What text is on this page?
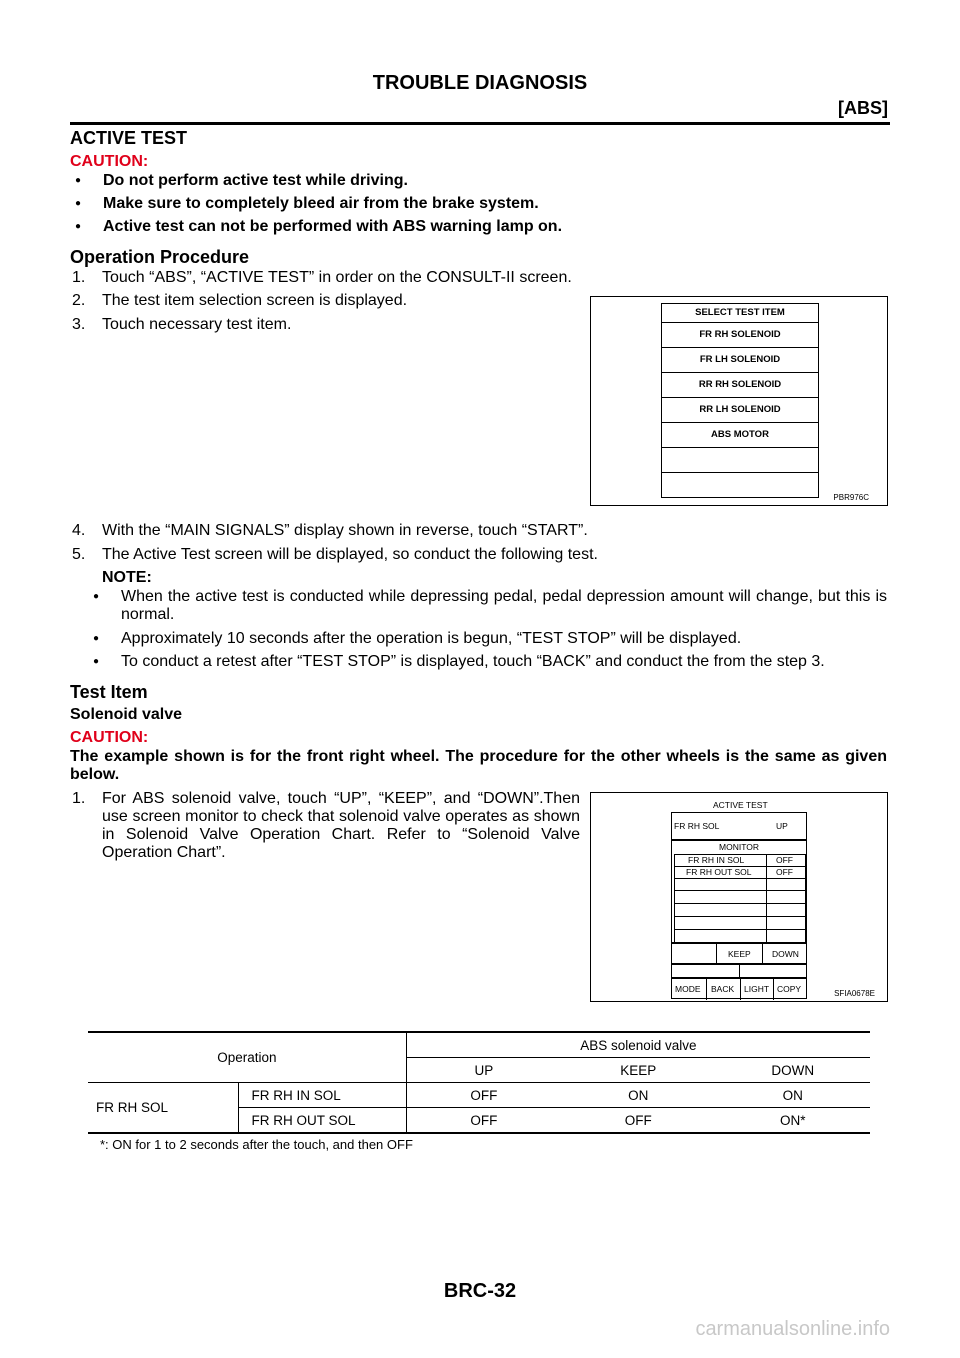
TROUBLE DIAGNOSIS
[ABS]
ACTIVE TEST
CAUTION:
● Do not perform active test while driving.
● Make sure to completely bleed air from the brake system.
● Active test can not be performed with ABS warning lamp on.
Operation Procedure
1. Touch “ABS”, “ACTIVE TEST” in order on the CONSULT-II screen.
2. The test item selection screen is displayed.
3. Touch necessary test item.
SELECT TEST ITEM
FR RH SOLENOID
FR LH SOLENOID
RR RH SOLENOID
RR LH SOLENOID
ABS MOTOR
PBR976C
4. With the “MAIN SIGNALS” display shown in reverse, touch “START”.
5. The Active Test screen will be displayed, so conduct the following test.
NOTE:
● When the active test is conducted while depressing pedal, pedal depression amount will change, but this is normal.
● Approximately 10 seconds after the operation is begun, “TEST STOP” will be displayed.
● To conduct a retest after “TEST STOP” is displayed, touch “BACK” and conduct the from the step 3.
Test Item
Solenoid valve
CAUTION:
The example shown is for the front right wheel. The procedure for the other wheels is the same as given below.
1. For ABS solenoid valve, touch “UP”, “KEEP”, and “DOWN”.Then use screen monitor to check that solenoid valve operates as shown in Solenoid Valve Operation Chart. Refer to “Solenoid Valve Operation Chart”.
ACTIVE TEST
FR RH SOL	UP
MONITOR
FR RH IN SOL	OFF
FR RH OUT SOL	OFF
KEEP	DOWN
MODE BACK LIGHT COPY	SFIA0678E
Operation		ABS solenoid valve		
		UP	KEEP	DOWN
FR RH SOL	FR RH IN SOL	OFF	ON	ON
	FR RH OUT SOL	OFF	OFF	ON*
*: ON for 1 to 2 seconds after the touch, and then OFF
BRC-32
carmanualsonline.info
